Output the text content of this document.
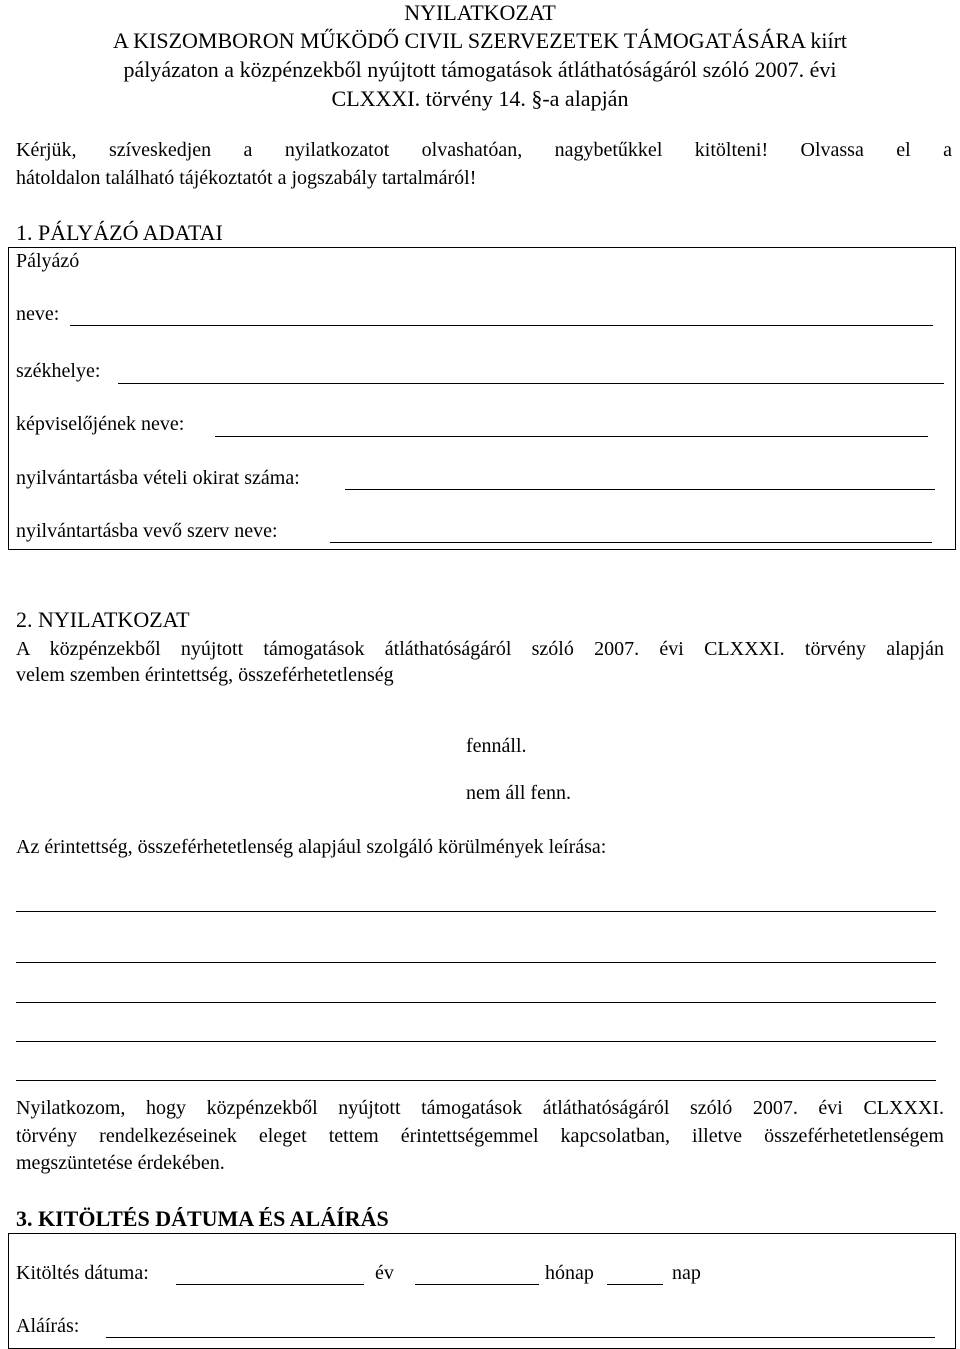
NYILATKOZAT
A KISZOMBORON MŰKÖDŐ CIVIL SZERVEZETEK TÁMOGATÁSÁRA kiírt
pályázaton a közpénzekből nyújtott támogatások átláthatóságáról szóló 2007. évi
CLXXXI. törvény 14. §-a alapján
Kérjük, szíveskedjen a nyilatkozatot olvashatóan, nagybetűkkel kitölteni! Olvassa el a
hátoldalon található tájékoztatót a jogszabály tartalmáról!
1. PÁLYÁZÓ ADATAI
Pályázó
neve:
székhelye:
képviselőjének neve:
nyilvántartásba vételi okirat száma:
nyilvántartásba vevő szerv neve:
2. NYILATKOZAT
A közpénzekből nyújtott támogatások átláthatóságáról szóló 2007. évi CLXXXI. törvény alapján
velem szemben érintettség, összeférhetetlenség
fennáll.
nem áll fenn.
Az érintettség, összeférhetetlenség alapjául szolgáló körülmények leírása:
Nyilatkozom, hogy közpénzekből nyújtott támogatások átláthatóságáról szóló 2007. évi CLXXXI.
törvény rendelkezéseinek eleget tettem érintettségemmel kapcsolatban, illetve összeférhetetlenségem
megszüntetése érdekében.
3. KITÖLTÉS DÁTUMA ÉS ALÁÍRÁS
Kitöltés dátuma:	év	hónap	nap
Aláírás:
